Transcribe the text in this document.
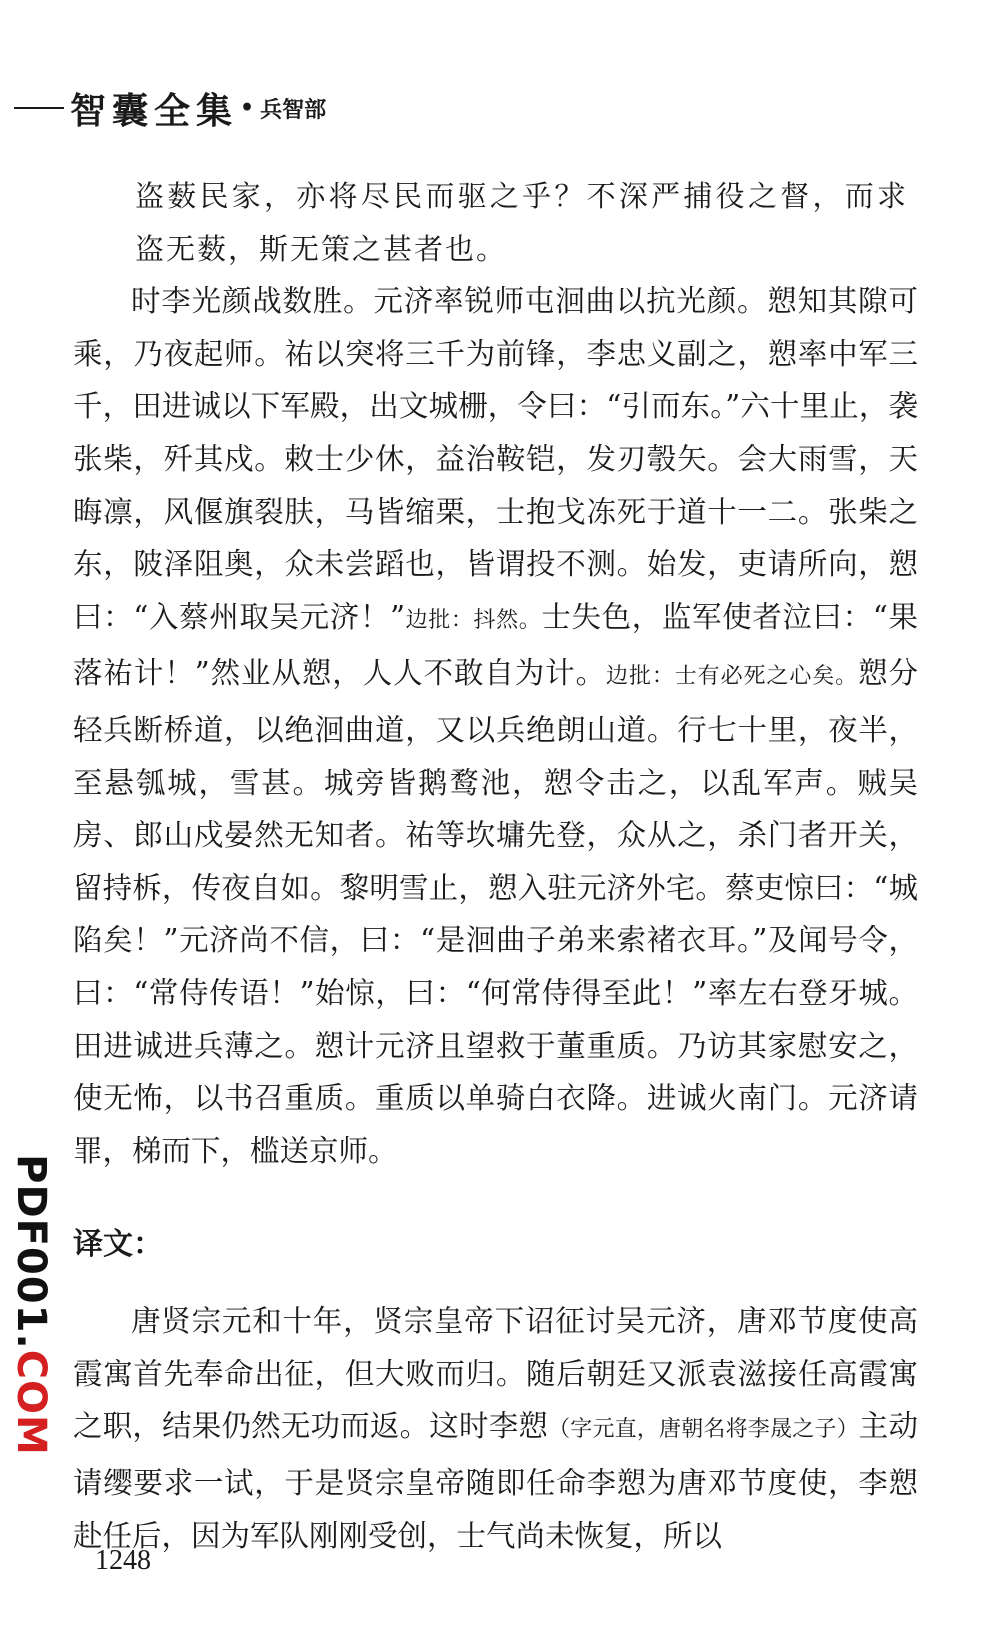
智囊全集 • 兵智部

盗薮民家，亦将尽民而驱之乎？不深严捕役之督，而求盗无薮，斯无策之甚者也。

时李光颜战数胜。元济率锐师屯洄曲以抗光颜。愬知其隙可乘，乃夜起师。祐以突将三千为前锋，李忠义副之，愬率中军三千，田进诚以下军殿，出文城栅，令曰：“引而东。”六十里止，袭张柴，歼其戍。敕士少休，益治鞍铠，发刃彀矢。会大雨雪，天晦凛，风偃旗裂肤，马皆缩栗，士抱戈冻死于道十一二。张柴之东，陂泽阻奥，众未尝蹈也，皆谓投不测。始发，吏请所向，愬曰：“入蔡州取吴元济！”边批：抖然。士失色，监军使者泣曰：“果落祐计！”然业从愬，人人不敢自为计。边批：士有必死之心矣。愬分轻兵断桥道，以绝洄曲道，又以兵绝朗山道。行七十里，夜半，至悬瓠城，雪甚。城旁皆鹅鹜池，愬令击之，以乱军声。贼吴房、郎山戍晏然无知者。祐等坎墉先登，众从之，杀门者开关，留持柝，传夜自如。黎明雪止，愬入驻元济外宅。蔡吏惊曰：“城陷矣！”元济尚不信，曰：“是洄曲子弟来索褚衣耳。”及闻号令，曰：“常侍传语！”始惊，曰：“何常侍得至此！”率左右登牙城。田进诚进兵薄之。愬计元济且望救于董重质。乃访其家慰安之，使无怖，以书召重质。重质以单骑白衣降。进诚火南门。元济请罪，梯而下，槛送京师。

译文：

唐贤宗元和十年，贤宗皇帝下诏征讨吴元济，唐邓节度使高霞寓首先奉命出征，但大败而归。随后朝廷又派袁滋接任高霞寓之职，结果仍然无功而返。这时李愬（字元直，唐朝名将李晟之子）主动请缨要求一试，于是贤宗皇帝随即任命李愬为唐邓节度使，李愬赴任后，因为军队刚刚受创，士气尚未恢复，所以

1248
PDF001.COM
